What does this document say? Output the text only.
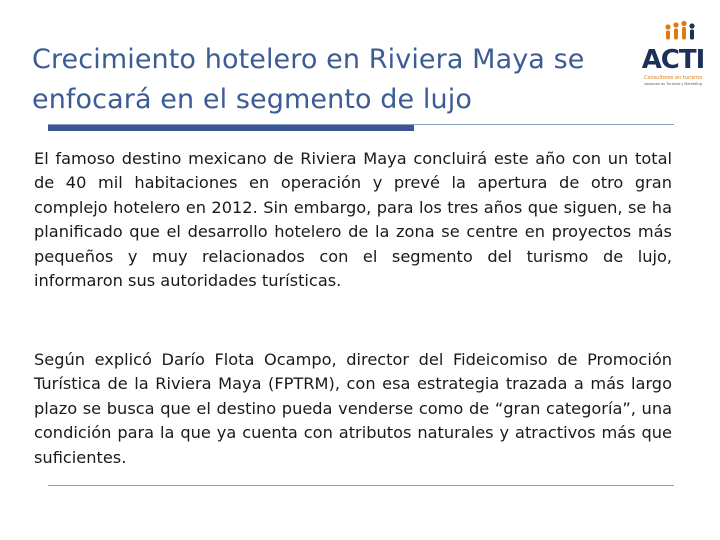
Crecimiento hotelero en Riviera Maya se
enfocará en el segmento de lujo
ACTI
Consultores en turismo
Asesores en Turismo y Marketing

El famoso destino mexicano de Riviera Maya concluirá este año con un total de 40 mil habitaciones en operación y prevé la apertura de otro gran complejo hotelero en 2012. Sin embargo, para los tres años que siguen, se ha planificado que el desarrollo hotelero de la zona se centre en proyectos más pequeños y muy relacionados con el segmento del turismo de lujo, informaron sus autoridades turísticas.

Según explicó Darío Flota Ocampo, director del Fideicomiso de Promoción Turística de la Riviera Maya (FPTRM), con esa estrategia trazada a más largo plazo se busca que el destino pueda venderse como de “gran categoría”, una condición para la que ya cuenta con atributos naturales y atractivos más que suficientes.
